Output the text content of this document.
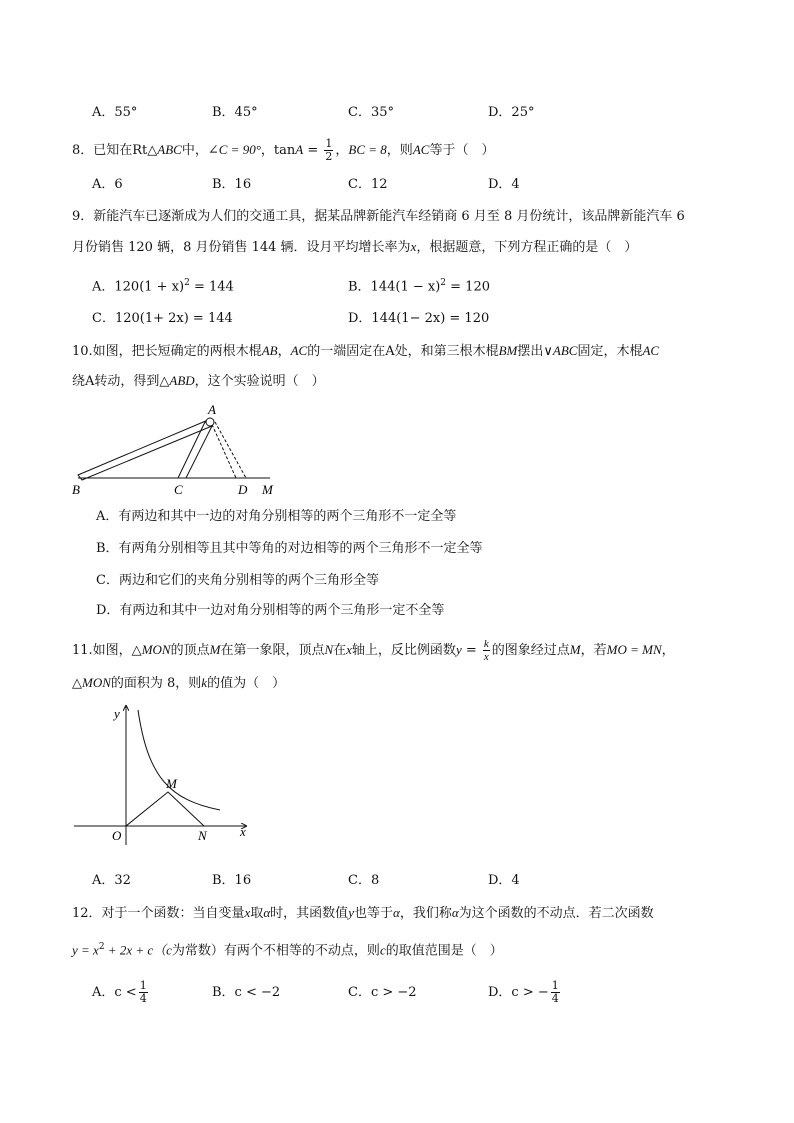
A．55°	B．45°	C．35°	D．25°
8．已知在Rt△ABC中，∠C = 90°，$\tan A = \frac{1}{2}$ ，BC = 8，则AC等于（　）
A．6	B．16	C．12	D．4
9．新能汽车已逐渐成为人们的交通工具，据某品牌新能汽车经销商 6 月至 8 月份统计，该品牌新能汽车 6
月份销售 120 辆，8 月份销售 144 辆．设月平均增长率为x，根据题意，下列方程正确的是（　）
A．$120(1 + x)^2 = 144$	B．$144(1 - x)^2 = 120$
C．120(1+ 2x) = 144	D．144(1− 2x) = 120
10.如图，把长短确定的两根木棍AB，AC的一端固定在A处，和第三根木棍BM摆出∨ABC固定，木棍AC
绕A转动，得到△ABD，这个实验说明（　）
A
B	C	D M
A．有两边和其中一边的对角分别相等的两个三角形不一定全等
B．有两角分别相等且其中等角的对边相等的两个三角形不一定全等
C．两边和它们的夹角分别相等的两个三角形全等
D．有两边和其中一边对角分别相等的两个三角形一定不全等
11.如图，△MON的顶点M在第一象限，顶点N在x轴上，反比例函数$y = \frac{k}{x}$ 的图象经过点M，若MO = MN，
△MON的面积为 8，则k的值为（　）
y
x
O
M
N
A．32	B．16	C．8	D．4
12．对于一个函数：当自变量x取α时，其函数值y也等于α，我们称α为这个函数的不动点．若二次函数
$y = x^2 + 2x + c(c$为常数）有两个不相等的不动点，则c的取值范围是（　）
A．$c < \frac{1}{4}$	B．c < −2	C．c > −2	D．c > − $\frac{1}{4}$
